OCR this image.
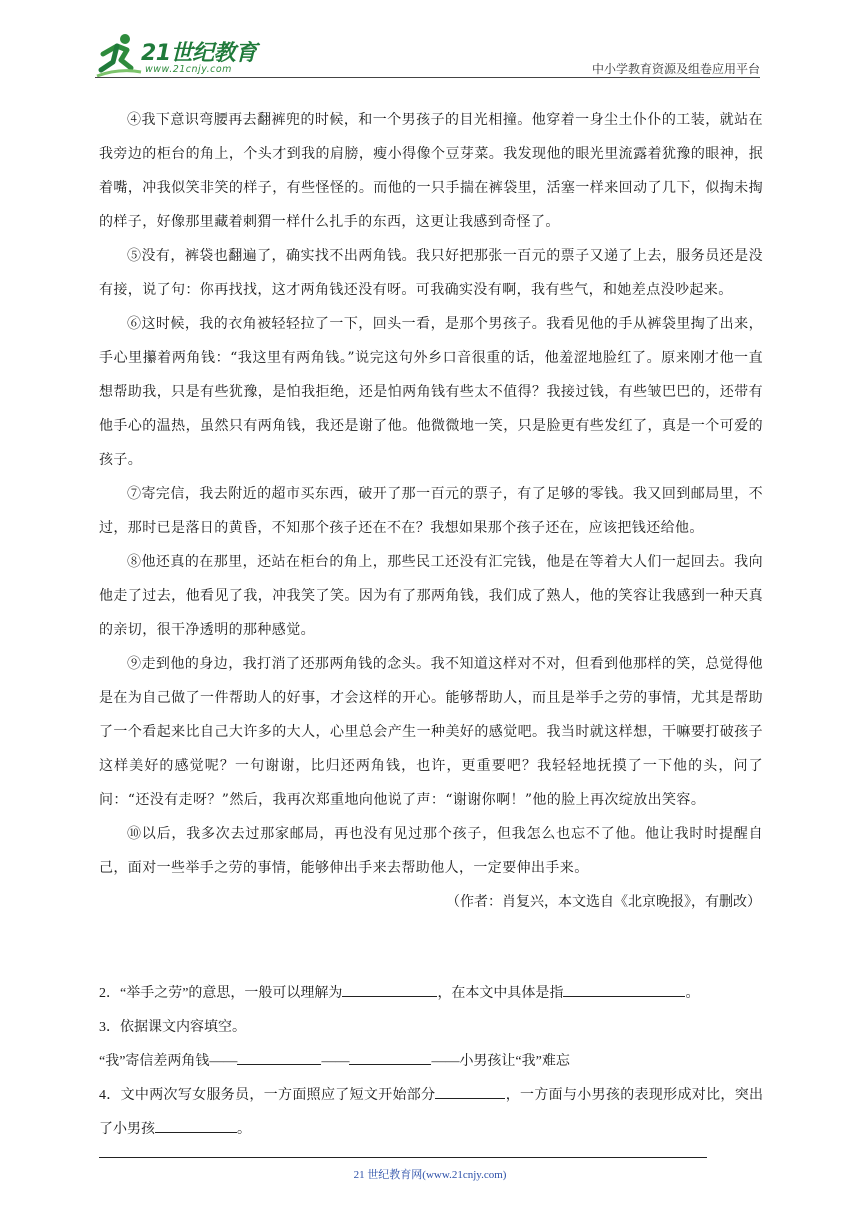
21世纪教育
www.21cnjy.com	中小学教育资源及组卷应用平台

④我下意识弯腰再去翻裤兜的时候，和一个男孩子的目光相撞。他穿着一身尘土仆仆的工装，就站在我旁边的柜台的角上，个头才到我的肩膀，瘦小得像个豆芽菜。我发现他的眼光里流露着犹豫的眼神，抿着嘴，冲我似笑非笑的样子，有些怪怪的。而他的一只手揣在裤袋里，活塞一样来回动了几下，似掏未掏的样子，好像那里藏着刺猬一样什么扎手的东西，这更让我感到奇怪了。

⑤没有，裤袋也翻遍了，确实找不出两角钱。我只好把那张一百元的票子又递了上去，服务员还是没有接，说了句：你再找找，这才两角钱还没有呀。可我确实没有啊，我有些气，和她差点没吵起来。

⑥这时候，我的衣角被轻轻拉了一下，回头一看，是那个男孩子。我看见他的手从裤袋里掏了出来，手心里攥着两角钱：“我这里有两角钱。”说完这句外乡口音很重的话，他羞涩地脸红了。原来刚才他一直想帮助我，只是有些犹豫，是怕我拒绝，还是怕两角钱有些太不值得？我接过钱，有些皱巴巴的，还带有他手心的温热，虽然只有两角钱，我还是谢了他。他微微地一笑，只是脸更有些发红了，真是一个可爱的孩子。

⑦寄完信，我去附近的超市买东西，破开了那一百元的票子，有了足够的零钱。我又回到邮局里，不过，那时已是落日的黄昏，不知那个孩子还在不在？我想如果那个孩子还在，应该把钱还给他。

⑧他还真的在那里，还站在柜台的角上，那些民工还没有汇完钱，他是在等着大人们一起回去。我向他走了过去，他看见了我，冲我笑了笑。因为有了那两角钱，我们成了熟人，他的笑容让我感到一种天真的亲切，很干净透明的那种感觉。

⑨走到他的身边，我打消了还那两角钱的念头。我不知道这样对不对，但看到他那样的笑，总觉得他是在为自己做了一件帮助人的好事，才会这样的开心。能够帮助人，而且是举手之劳的事情，尤其是帮助了一个看起来比自己大许多的大人，心里总会产生一种美好的感觉吧。我当时就这样想，干嘛要打破孩子这样美好的感觉呢？一句谢谢，比归还两角钱，也许，更重要吧？我轻轻地抚摸了一下他的头，问了问：“还没有走呀？”然后，我再次郑重地向他说了声：“谢谢你啊！”他的脸上再次绽放出笑容。

⑩以后，我多次去过那家邮局，再也没有见过那个孩子，但我怎么也忘不了他。他让我时时提醒自己，面对一些举手之劳的事情，能够伸出手来去帮助他人，一定要伸出手来。

（作者：肖复兴，本文选自《北京晚报》，有删改）

2．“举手之劳”的意思，一般可以理解为	，在本文中具体是指	。

3．依据课文内容填空。

“我”寄信差两角钱——	——	——小男孩让“我”难忘

4．文中两次写女服务员，一方面照应了短文开始部分	，一方面与小男孩的表现形成对比，突出了小男孩	。

21 世纪教育网(www.21cnjy.com)
